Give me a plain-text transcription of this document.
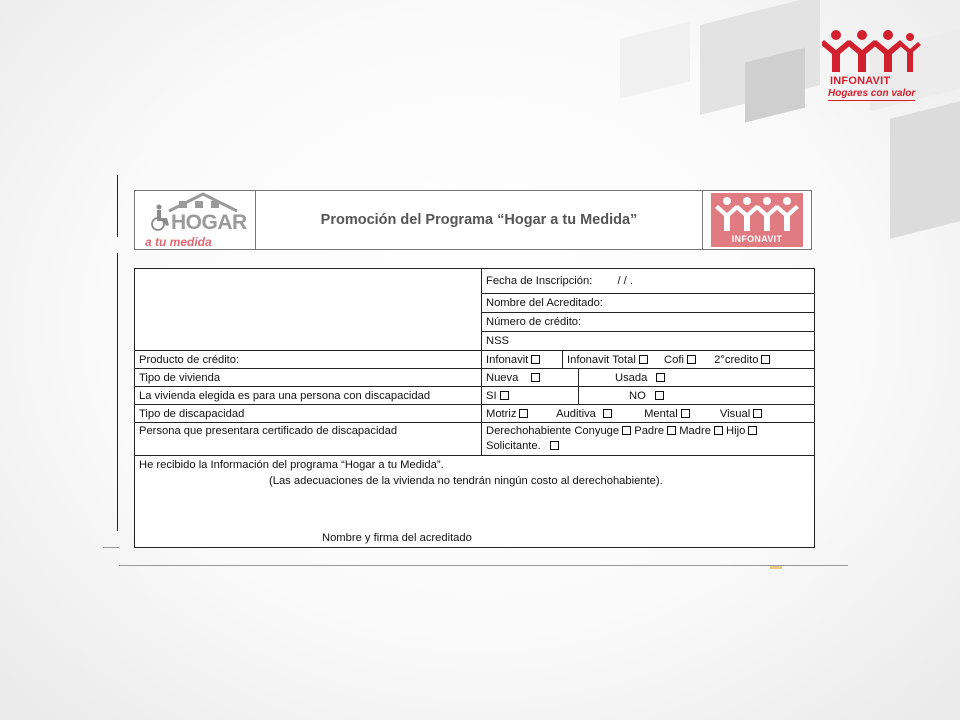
INFONAVIT
Hogares con valor
HOGAR
a tu medida
Promoción del Programa “Hogar a tu Medida”
INFONAVIT
	Fecha de Inscripción: / / .		
	Nombre del Acreditado:		
	Número de crédito:		
	NSS		
Producto de crédito:	Infonavit	Infonavit Total Cofi 2°credito	
Tipo de vivienda	Nueva		Usada
La vivienda elegida es para una persona con discapacidad	SI		NO
Tipo de discapacidad	Motriz Auditiva Mental Visual		
Persona que presentara certificado de discapacidad	Derechohabiente Conyuge Padre Madre Hijo
Solicitante.		

He recibido la Información del programa “Hogar a tu Medida”.
(Las adecuaciones de la vivienda no tendrán ningún costo al derechohabiente).
Nombre y firma del acreditado			
